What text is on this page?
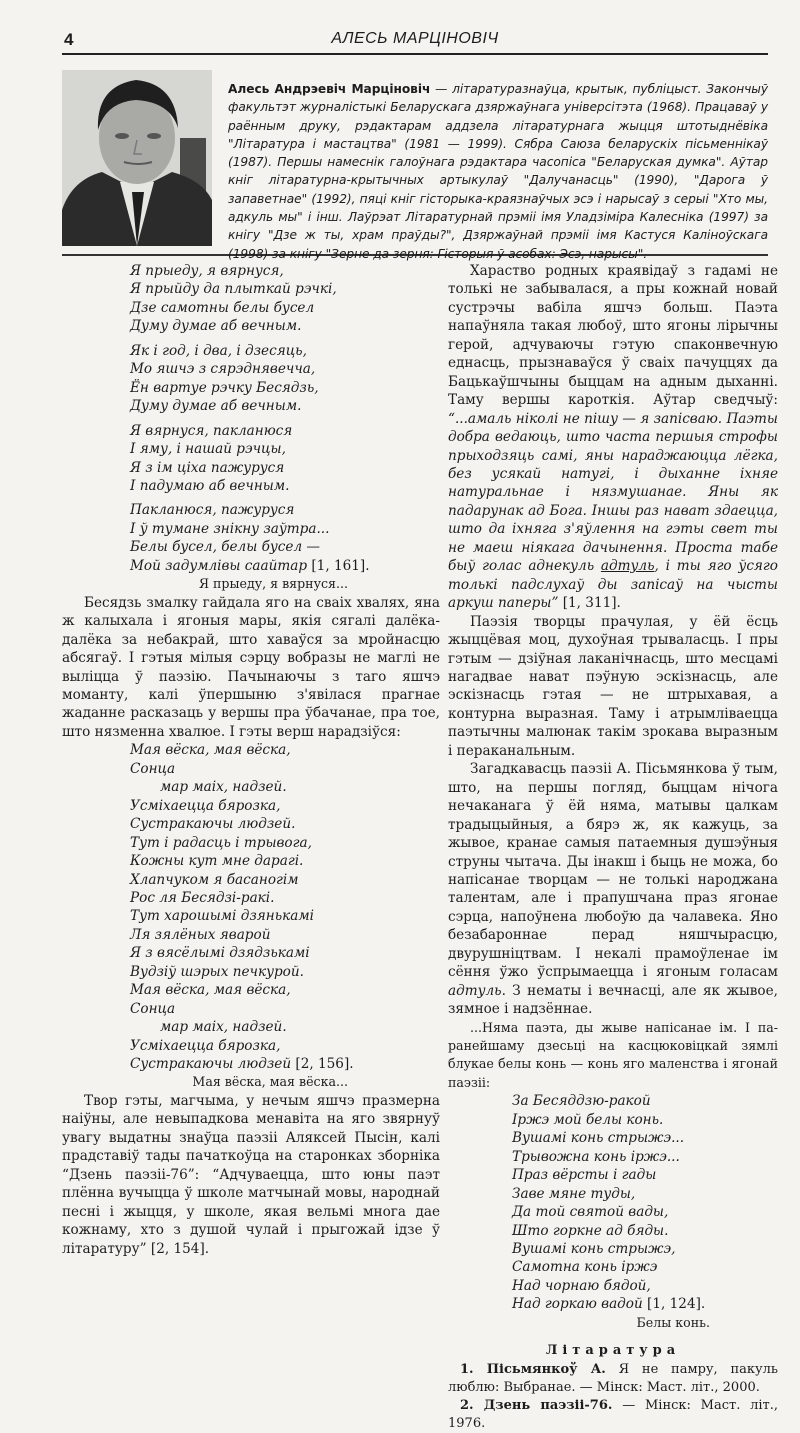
4	АЛЕСЬ МАРЦІНОВІЧ
Алесь Андрэевіч Марціновіч — літаратуразнаўца, крытык, публіцыст. Закончыў факультэт журналістыкі Беларускага дзяржаўнага універсітэта (1968). Працаваў у раённым друку, рэдактарам аддзела літаратурнага жыцця штотыднёвіка "Літаратура і мастацтва" (1981 — 1999). Сябра Саюза беларускіх пісьменнікаў (1987). Першы намеснік галоўнага рэдактара часопіса "Беларуская думка". Аўтар кніг літаратурна-крытычных артыкулаў "Далучанасць" (1990), "Дарога ў запаветнае" (1992), пяці кніг гісторыка-краязнаўчых эсэ і нарысаў з серыі "Хто мы, адкуль мы" і інш. Лаўрэат Літаратурнай прэміі імя Уладзіміра Калесніка (1997) за кнігу "Дзе ж ты, храм праўды?", Дзяржаўнай прэміі імя Кастуся Каліноўскага (1998) за кнігу "Зерне да зерня: Гісторыя ў асобах: Эсэ, нарысы".
Я прыеду, я вярнуся,
Я прыйду да плыткай рэчкі,
Дзе самотны белы бусел
Думу думае аб вечным.
Як і год, і два, і дзесяць,
Мо яшчэ з сярэднявечча,
Ён вартуе рэчку Бесядзь,
Думу думае аб вечным.
Я вярнуся, пакланюся
І яму, і нашай рэчцы,
Я з ім ціха пажуруся
І падумаю аб вечным.
Пакланюся, пажуруся
І ў тумане знікну заўтра...
Белы бусел, белы бусел —
Мой задумлівы саайтар [1, 161].
Я прыеду, я вярнуся...

Бесядзь змалку гайдала яго на сваіх хвалях, яна ж калыхала і ягоныя мары, якія сягалі далёка-далёка за небакрай, што хаваўся за мройнасцю абсягаў. І гэтыя мілыя сэрцу вобразы не маглі не выліцца ў паэзію. Пачынаючы з таго яшчэ моманту, калі ўпершыню з'явілася прагнае жаданне расказаць у вершы пра ўбачанае, пра тое, што нязменна хвалюе. І гэты верш нарадзіўся:

Мая вёска, мая вёска,
Сонца
мар маіх, надзей.
Усміхаецца бярозка,
Сустракаючы людзей.
Тут і радасць і трывога,
Кожны кут мне дарагі.
Хлапчуком я басаногім
Рос ля Бесядзі-ракі.
Тут харошымі дзянькамі
Ля зялёных яварой
Я з вясёлымі дзядзькамі
Вудзіў шэрых печкурой.
Мая вёска, мая вёска,
Сонца
мар маіх, надзей.
Усміхаецца бярозка,
Сустракаючы людзей [2, 156].
Мая вёска, мая вёска...

Твор гэты, магчыма, у нечым яшчэ празмерна наіўны, але невыпадкова менавіта на яго звярнуў увагу выдатны знаўца паэзіі Аляксей Пысін, калі прадставіў тады пачаткоўца на старонках зборніка “Дзень паэзіі-76”: “Адчуваецца, што юны паэт плённа вучыцца ў школе матчынай мовы, народнай песні і жыцця, у школе, якая вельмі многа дае кожнаму, хто з душой чулай і прыгожай ідзе ў літаратуру” [2, 154].

Хараство родных краявідаў з гадамі не толькі не забывалася, а пры кожнай новай сустрэчы вабіла яшчэ больш. Паэта напаўняла такая любоў, што ягоны лірычны герой, адчуваючы гэтую спаконвечную еднасць, прызнаваўся ў сваіх пачуццях да Бацькаўшчыны быццам на адным дыханні. Таму вершы кароткія. Аўтар сведчыў: “...амаль ніколі не пішу — я запісваю. Паэты добра ведаюць, што часта першыя строфы прыходзяць самі, яны нараджаюцца лёгка, без усякай натугі, і дыханне іхняе натуральнае і нязмушанае. Яны як падарунак ад Бога. Іншы раз нават здаецца, што да іхняга з'яўлення на гэты свет ты не маеш ніякага дачынення. Проста табе быў голас аднекуль адтуль, і ты яго ўсяго толькі падслухаў ды запісаў на чысты аркуш паперы” [1, 311].

Паэзія творцы прачулая, у ёй ёсць жыццёвая моц, духоўная трываласць. І пры гэтым — дзіўная лаканічнасць, што месцамі нагадвае нават пэўную эскізнасць, але эскізнасць гэтая — не штрыхавая, а контурна выразная. Таму і атрымліваецца паэтычны малюнак такім зрокава выразным і пераканальным.

Загадкавасць паэзіі А. Пісьмянкова ў тым, што, на першы погляд, быццам нічога нечаканага ў ёй няма, матывы цалкам традыцыйныя, а бярэ ж, як кажуць, за жывое, кранае самыя патаемныя душэўныя струны чытача. Ды інакш і быць не можа, бо напісанае творцам — не толькі народжана талентам, але і прапушчана праз ягонае сэрца, напоўнена любоўю да чалавека. Яно безабароннае перад няшчырасцю, двурушніцтвам. І некалі прамоўленае ім сёння ўжо ўспрымаецца і ягоным голасам адтуль. З нематы і вечнасці, але як жывое, зямное і надзённае.

...Няма паэта, ды жыве напісанае ім. І па-ранейшаму дзесьці на касцюковіцкай зямлі блукае белы конь — конь яго маленства і ягонай паэзіі:

За Бесяддзю-ракой
Іржэ мой белы конь.
Вушамі конь стрыжэ...
Трывожна конь іржэ...
Праз вёрсты і гады
Заве мяне туды,
Да той святой вады,
Што горкне ад бяды.
Вушамі конь стрыжэ,
Самотна конь іржэ
Над чорнаю бядой,
Над горкаю вадой [1, 124].
Белы конь.
Літаратура
1. Пісьмянкоў А. Я не памру, пакуль люблю: Выбранае. — Мінск: Маст. літ., 2000.
2. Дзень паэзіі-76. — Мінск: Маст. літ., 1976.
